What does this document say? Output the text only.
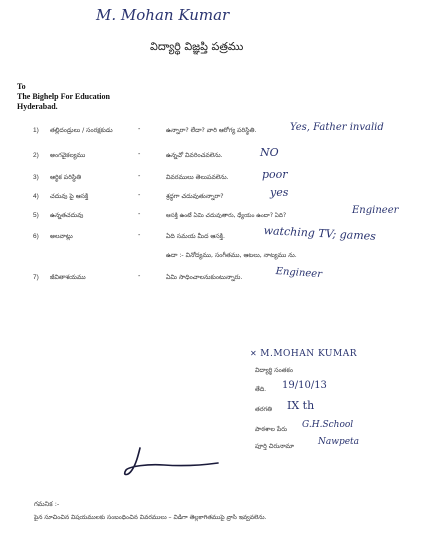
M. Mohan Kumar
విద్యార్థి విజ్ఞప్తి పత్రము
To
The Bighelp For Education
Hyderabad.
1) తల్లిదండ్రులు / సంరక్షకుడు	-	ఉన్నారా? లేదా? వారి ఆరోగ్య పరిస్థితి.	Yes, Father invalid
2) అంగవైకల్యము	-	ఉన్నచో వివరించవలెను.	NO
3) ఆర్థిక పరిస్థితి	-	వివరములు తెలుపవలెను.	poor
4) చదువు పై ఆసక్తి	-	శ్రద్ధగా చదువుతున్నారా?	yes
5) ఉన్నతచదువు	-	ఆసక్తి ఉంటే ఏమి చదువుతారు, ధ్యేయం ఉందా? ఏది?	Engineer
6) అలవాట్లు	-	ఏది సమయ మీద ఆసక్తి.	watching TV; games
ఉదా :- వినోద్యము, సంగీతము, ఆటలు, నాట్యము ను.
7) జీవితాశయము	-	ఏమి సాధించాలనుకుంటున్నారు.	Engineer
✕ M.MOHAN KUMAR
విద్యార్థి సంతకం
తేది. 19/10/13
తరగతి IX th
పాఠశాల పేరు G.H.School
పూర్తి చిరునామా	Nawpeta
గమనిక :-
పైన సూచించిన విషయములకు సంబంధించిన వివరములు – విడిగా తెల్లకాగితముపై వ్రాసి ఇవ్వవలెను.
